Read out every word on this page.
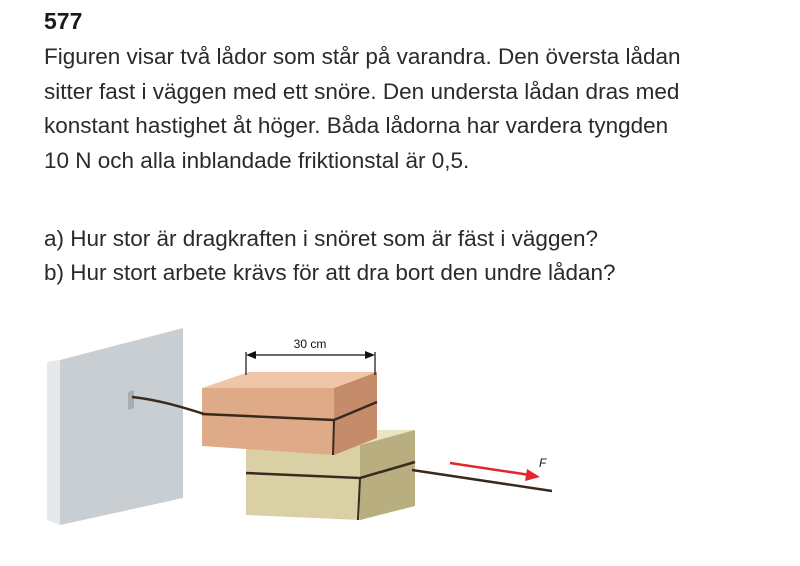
577
Figuren visar två lådor som står på varandra. Den översta lådan
sitter fast i väggen med ett snöre. Den understa lådan dras med
konstant hastighet åt höger. Båda lådorna har vardera tyngden
10 N och alla inblandade friktionstal är 0,5.
a) Hur stor är dragkraften i snöret som är fäst i väggen?
b) Hur stort arbete krävs för att dra bort den undre lådan?
30 cm
F
